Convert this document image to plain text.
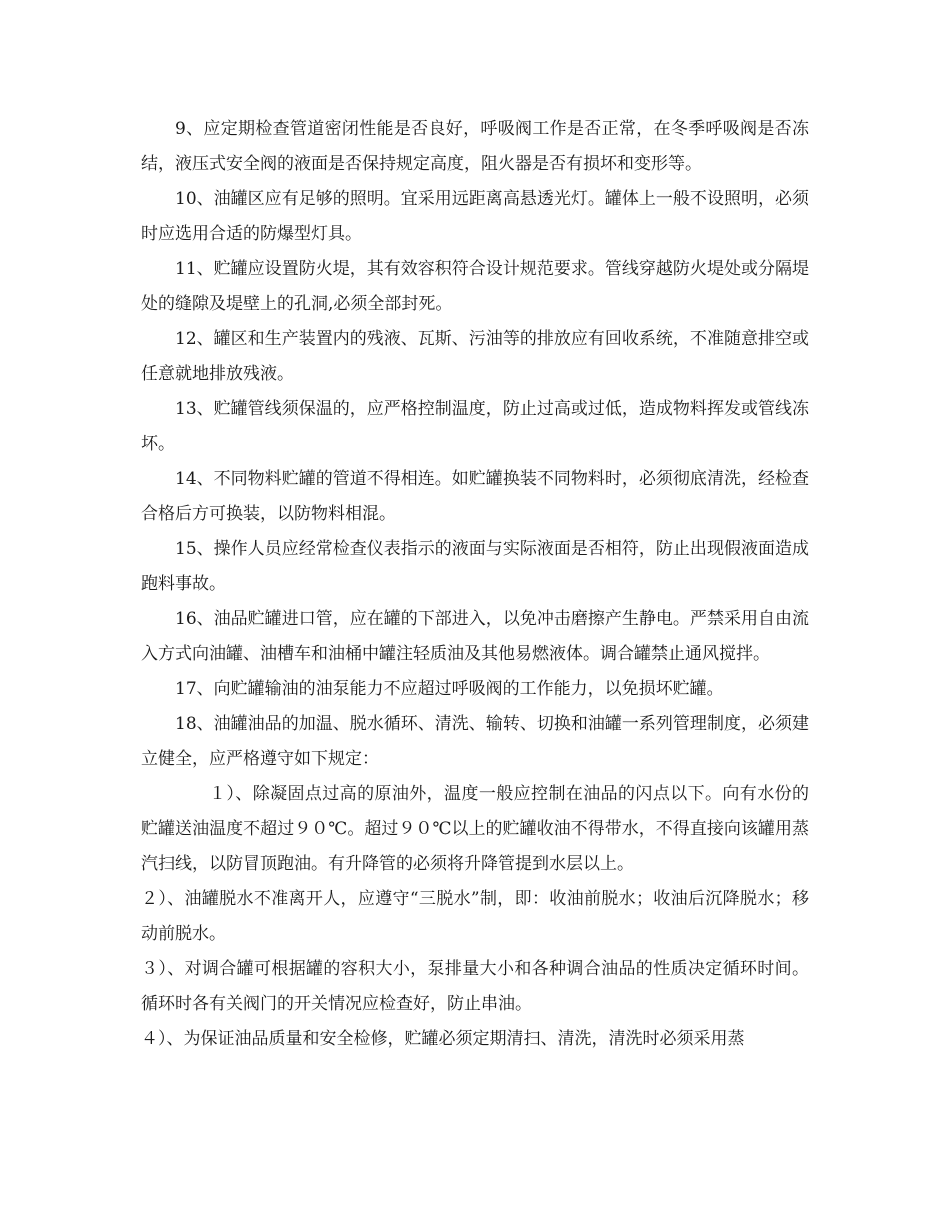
9、应定期检查管道密闭性能是否良好，呼吸阀工作是否正常，在冬季呼吸阀是否冻结，液压式安全阀的液面是否保持规定高度，阻火器是否有损坏和变形等。

10、油罐区应有足够的照明。宜采用远距离高悬透光灯。罐体上一般不设照明，必须时应选用合适的防爆型灯具。

11、贮罐应设置防火堤，其有效容积符合设计规范要求。管线穿越防火堤处或分隔堤处的缝隙及堤壁上的孔洞,必须全部封死。

12、罐区和生产装置内的残液、瓦斯、污油等的排放应有回收系统，不准随意排空或任意就地排放残液。

13、贮罐管线须保温的，应严格控制温度，防止过高或过低，造成物料挥发或管线冻坏。

14、不同物料贮罐的管道不得相连。如贮罐换装不同物料时，必须彻底清洗，经检查合格后方可换装，以防物料相混。

15、操作人员应经常检查仪表指示的液面与实际液面是否相符，防止出现假液面造成跑料事故。

16、油品贮罐进口管，应在罐的下部进入，以免冲击磨擦产生静电。严禁采用自由流入方式向油罐、油槽车和油桶中罐注轻质油及其他易燃液体。调合罐禁止通风搅拌。

17、向贮罐输油的油泵能力不应超过呼吸阀的工作能力，以免损坏贮罐。

18、油罐油品的加温、脱水循环、清洗、输转、切换和油罐一系列管理制度，必须建立健全，应严格遵守如下规定：

１）、除凝固点过高的原油外，温度一般应控制在油品的闪点以下。向有水份的贮罐送油温度不超过９０℃。超过９０℃以上的贮罐收油不得带水，不得直接向该罐用蒸汽扫线，以防冒顶跑油。有升降管的必须将升降管提到水层以上。

２）、油罐脱水不准离开人，应遵守“三脱水”制，即：收油前脱水；收油后沉降脱水；移动前脱水。

３）、对调合罐可根据罐的容积大小，泵排量大小和各种调合油品的性质决定循环时间。循环时各有关阀门的开关情况应检查好，防止串油。

４）、为保证油品质量和安全检修，贮罐必须定期清扫、清洗，清洗时必须采用蒸
